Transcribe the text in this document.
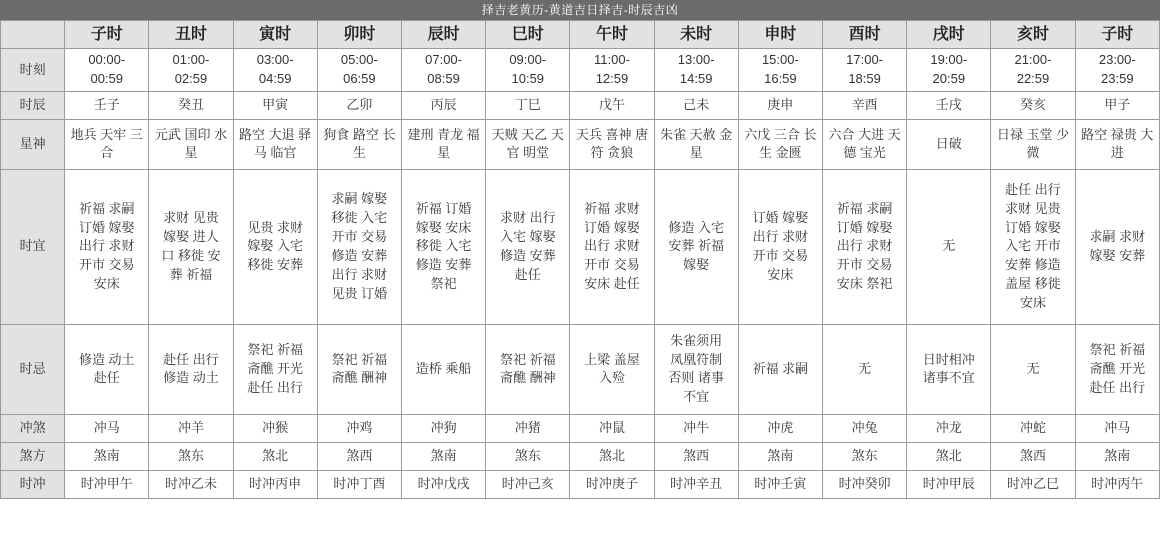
择吉老黄历-黄道吉日择吉-时辰吉凶
	子时	丑时	寅时	卯时	辰时	巳时	午时	未时	申时	酉时	戌时	亥时	子时
时刻	00:00-
00:59	01:00-
02:59	03:00-
04:59	05:00-
06:59	07:00-
08:59	09:00-
10:59	11:00-
12:59	13:00-
14:59	15:00-
16:59	17:00-
18:59	19:00-
20:59	21:00-
22:59	23:00-
23:59
时辰	壬子	癸丑	甲寅	乙卯	丙辰	丁巳	戊午	己未	庚申	辛酉	壬戌	癸亥	甲子
星神	地兵 天牢 三合	元武 国印 水星	路空 大退 驿马 临官	狗食 路空 长生	建刑 青龙 福星	天贼 天乙 天官 明堂	天兵 喜神 唐符 贪狼	朱雀 天赦 金星	六戊 三合 长生 金匮	六合 大进 天德 宝光	日破	日禄 玉堂 少微	路空 禄贵 大进
时宜	祈福 求嗣
订婚 嫁娶
出行 求财
开市 交易
安床	求财 见贵
嫁娶 进人
口 移徙 安
葬 祈福	见贵 求财
嫁娶 入宅
移徙 安葬	求嗣 嫁娶
移徙 入宅
开市 交易
修造 安葬
出行 求财
见贵 订婚	祈福 订婚
嫁娶 安床
移徙 入宅
修造 安葬
祭祀	求财 出行
入宅 嫁娶
修造 安葬
赴任	祈福 求财
订婚 嫁娶
出行 求财
开市 交易
安床 赴任	修造 入宅
安葬 祈福
嫁娶	订婚 嫁娶
出行 求财
开市 交易
安床	祈福 求嗣
订婚 嫁娶
出行 求财
开市 交易
安床 祭祀	无	赴任 出行
求财 见贵
订婚 嫁娶
入宅 开市
安葬 修造
盖屋 移徙
安床	求嗣 求财
嫁娶 安葬
时忌	修造 动土
赴任	赴任 出行
修造 动土	祭祀 祈福
斋醮 开光
赴任 出行	祭祀 祈福
斋醮 酬神	造桥 乘船	祭祀 祈福
斋醮 酬神	上梁 盖屋
入殓	朱雀须用
凤凰符制
否则 诸事
不宜	祈福 求嗣	无	日时相冲
诸事不宜	无	祭祀 祈福
斋醮 开光
赴任 出行
冲煞	冲马	冲羊	冲猴	冲鸡	冲狗	冲猪	冲鼠	冲牛	冲虎	冲兔	冲龙	冲蛇	冲马
煞方	煞南	煞东	煞北	煞西	煞南	煞东	煞北	煞西	煞南	煞东	煞北	煞西	煞南
时冲	时冲甲午	时冲乙未	时冲丙申	时冲丁酉	时冲戊戌	时冲己亥	时冲庚子	时冲辛丑	时冲壬寅	时冲癸卯	时冲甲辰	时冲乙巳	时冲丙午
